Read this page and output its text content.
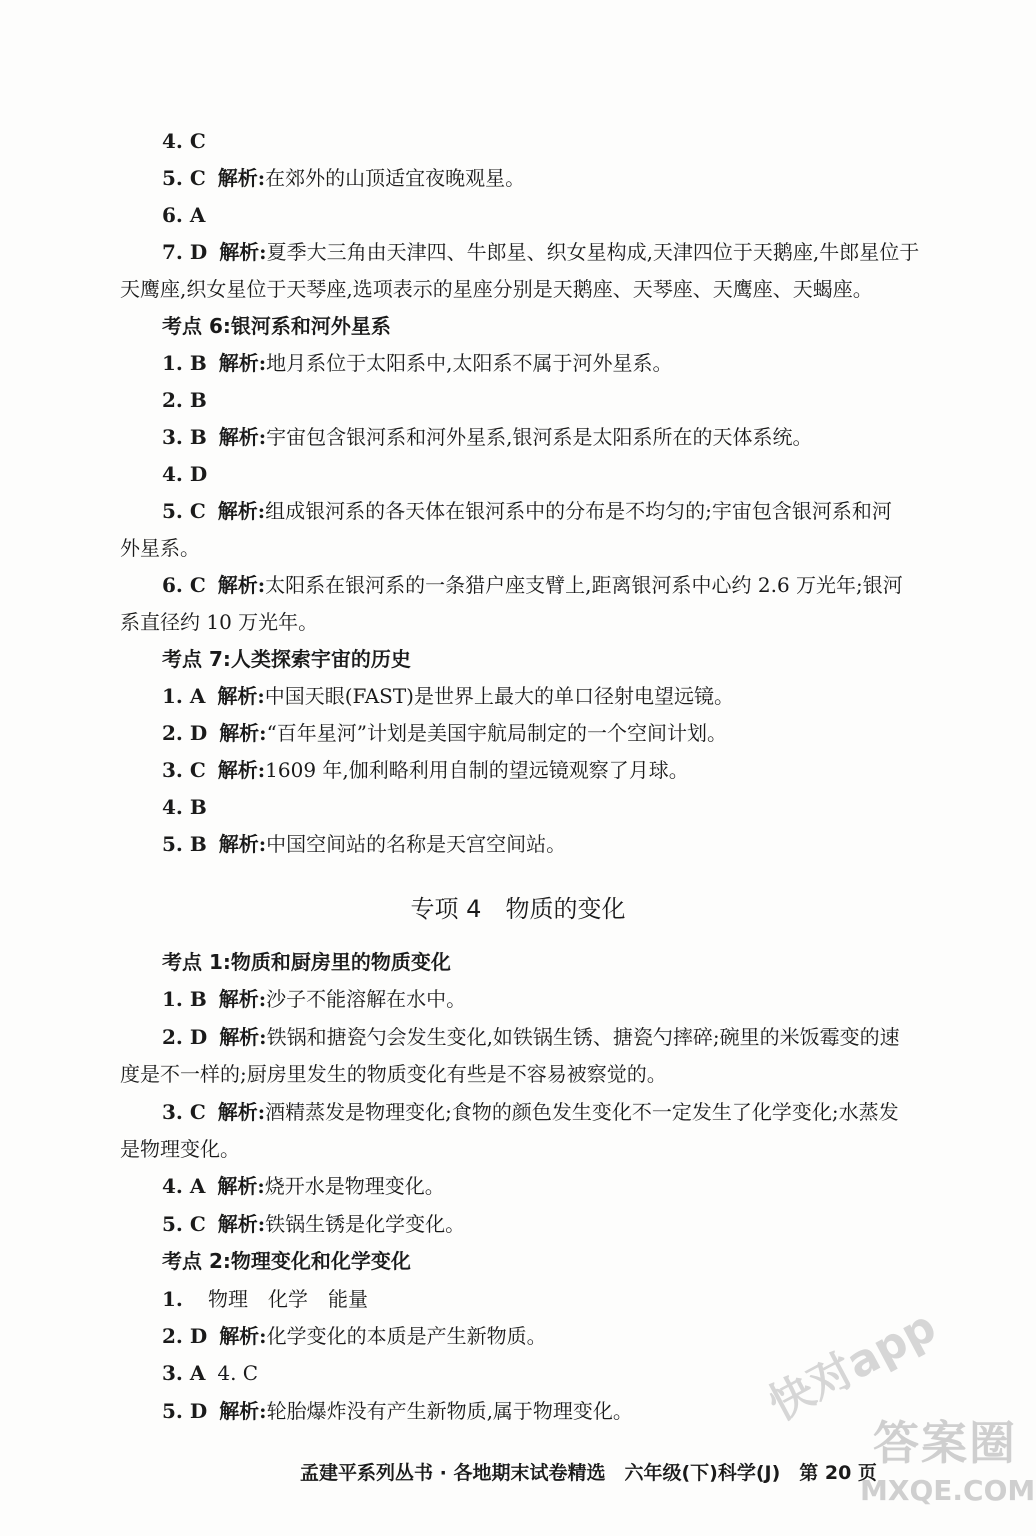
4. C
5. C 解析:在郊外的山顶适宜夜晚观星。
6. A
7. D 解析:夏季大三角由天津四、牛郎星、织女星构成,天津四位于天鹅座,牛郎星位于
天鹰座,织女星位于天琴座,选项表示的星座分别是天鹅座、天琴座、天鹰座、天蝎座。
考点 6:银河系和河外星系
1. B 解析:地月系位于太阳系中,太阳系不属于河外星系。
2. B
3. B 解析:宇宙包含银河系和河外星系,银河系是太阳系所在的天体系统。
4. D
5. C 解析:组成银河系的各天体在银河系中的分布是不均匀的;宇宙包含银河系和河
外星系。
6. C 解析:太阳系在银河系的一条猎户座支臂上,距离银河系中心约 2.6 万光年;银河
系直径约 10 万光年。
考点 7:人类探索宇宙的历史
1. A 解析:中国天眼(FAST)是世界上最大的单口径射电望远镜。
2. D 解析:“百年星河”计划是美国宇航局制定的一个空间计划。
3. C 解析:1609 年,伽利略利用自制的望远镜观察了月球。
4. B
5. B 解析:中国空间站的名称是天宫空间站。
专项 4　物质的变化
考点 1:物质和厨房里的物质变化
1. B 解析:沙子不能溶解在水中。
2. D 解析:铁锅和搪瓷勺会发生变化,如铁锅生锈、搪瓷勺摔碎;碗里的米饭霉变的速
度是不一样的;厨房里发生的物质变化有些是不容易被察觉的。
3. C 解析:酒精蒸发是物理变化;食物的颜色发生变化不一定发生了化学变化;水蒸发
是物理变化。
4. A 解析:烧开水是物理变化。
5. C 解析:铁锅生锈是化学变化。
考点 2:物理变化和化学变化
1. 物理　化学　能量
2. D 解析:化学变化的本质是产生新物质。
3. A 4. C
5. D 解析:轮胎爆炸没有产生新物质,属于物理变化。
孟建平系列丛书 · 各地期末试卷精选　六年级(下)科学(J)　第 20 页
快对app
答案圈
MXQE.COM
